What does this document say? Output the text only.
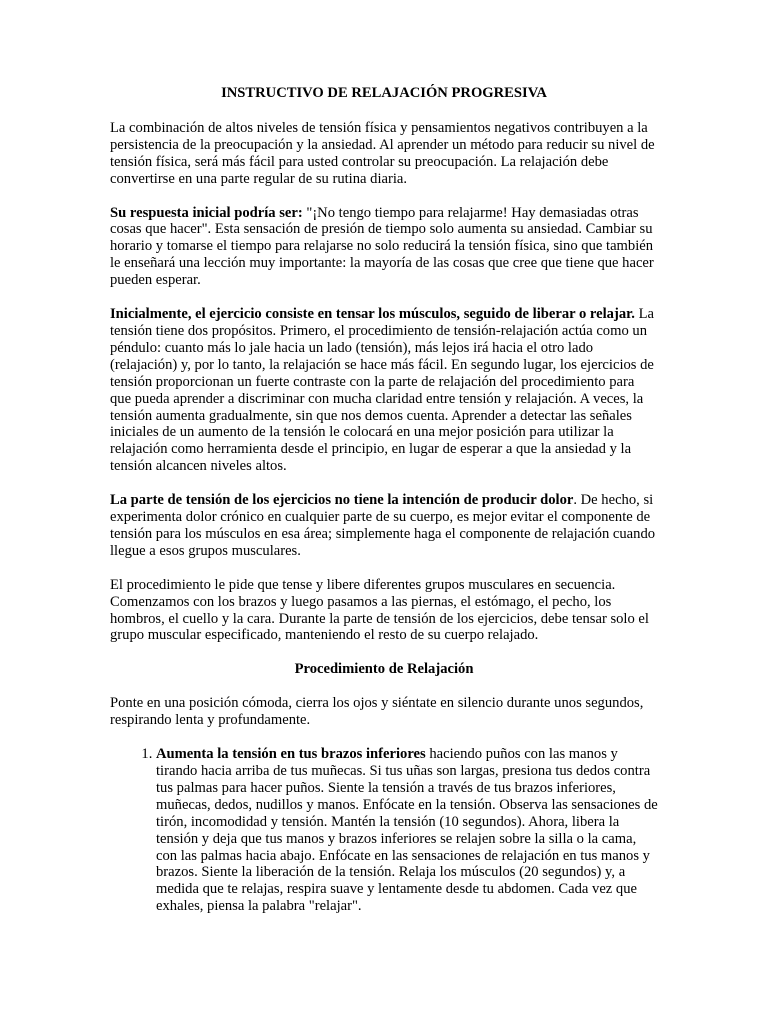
INSTRUCTIVO DE RELAJACIÓN PROGRESIVA

La combinación de altos niveles de tensión física y pensamientos negativos contribuyen a la persistencia de la preocupación y la ansiedad. Al aprender un método para reducir su nivel de tensión física, será más fácil para usted controlar su preocupación. La relajación debe convertirse en una parte regular de su rutina diaria.

Su respuesta inicial podría ser: "¡No tengo tiempo para relajarme! Hay demasiadas otras cosas que hacer". Esta sensación de presión de tiempo solo aumenta su ansiedad. Cambiar su horario y tomarse el tiempo para relajarse no solo reducirá la tensión física, sino que también le enseñará una lección muy importante: la mayoría de las cosas que cree que tiene que hacer pueden esperar.

Inicialmente, el ejercicio consiste en tensar los músculos, seguido de liberar o relajar. La tensión tiene dos propósitos. Primero, el procedimiento de tensión-relajación actúa como un péndulo: cuanto más lo jale hacia un lado (tensión), más lejos irá hacia el otro lado (relajación) y, por lo tanto, la relajación se hace más fácil. En segundo lugar, los ejercicios de tensión proporcionan un fuerte contraste con la parte de relajación del procedimiento para que pueda aprender a discriminar con mucha claridad entre tensión y relajación. A veces, la tensión aumenta gradualmente, sin que nos demos cuenta. Aprender a detectar las señales iniciales de un aumento de la tensión le colocará en una mejor posición para utilizar la relajación como herramienta desde el principio, en lugar de esperar a que la ansiedad y la tensión alcancen niveles altos.

La parte de tensión de los ejercicios no tiene la intención de producir dolor. De hecho, si experimenta dolor crónico en cualquier parte de su cuerpo, es mejor evitar el componente de tensión para los músculos en esa área; simplemente haga el componente de relajación cuando llegue a esos grupos musculares.

El procedimiento le pide que tense y libere diferentes grupos musculares en secuencia. Comenzamos con los brazos y luego pasamos a las piernas, el estómago, el pecho, los hombros, el cuello y la cara. Durante la parte de tensión de los ejercicios, debe tensar solo el grupo muscular especificado, manteniendo el resto de su cuerpo relajado.

Procedimiento de Relajación

Ponte en una posición cómoda, cierra los ojos y siéntate en silencio durante unos segundos, respirando lenta y profundamente.

1. Aumenta la tensión en tus brazos inferiores haciendo puños con las manos y tirando hacia arriba de tus muñecas. Si tus uñas son largas, presiona tus dedos contra tus palmas para hacer puños. Siente la tensión a través de tus brazos inferiores, muñecas, dedos, nudillos y manos. Enfócate en la tensión. Observa las sensaciones de tirón, incomodidad y tensión. Mantén la tensión (10 segundos). Ahora, libera la tensión y deja que tus manos y brazos inferiores se relajen sobre la silla o la cama, con las palmas hacia abajo. Enfócate en las sensaciones de relajación en tus manos y brazos. Siente la liberación de la tensión. Relaja los músculos (20 segundos) y, a medida que te relajas, respira suave y lentamente desde tu abdomen. Cada vez que exhales, piensa la palabra "relajar".
